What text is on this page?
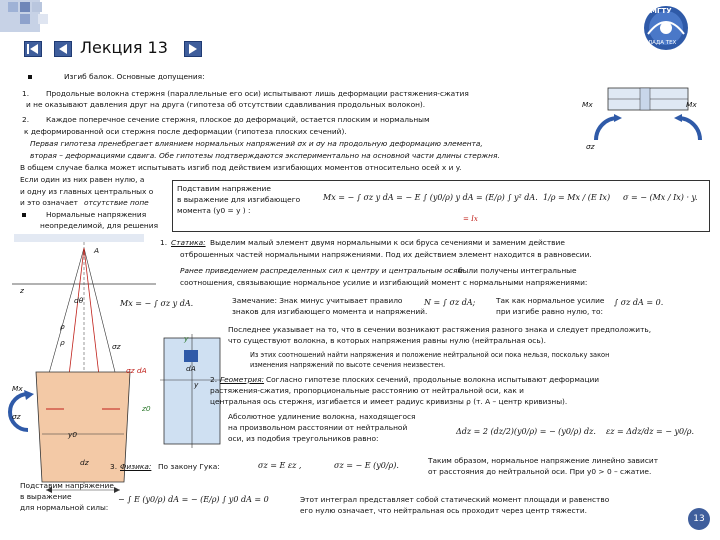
Лекция 13
МГТУ
ЛАДА ТЕХ
Изгиб балок. Основные допущения:
1. Продольные волокна стержня (параллельные его оси) испытывают лишь деформации растяжения-сжатия
и не оказывают давления друг на друга (гипотеза об отсутствии сдавливания продольных волокон).
2. Каждое поперечное сечение стержня, плоское до деформаций, остается плоским и нормальным
к деформированной оси стержня после деформации (гипотеза плоских сечений).
Первая гипотеза пренебрегает влиянием нормальных напряжений σx и σy на продольную деформацию элемента,
вторая – деформациями сдвига. Обе гипотезы подтверждаются экспериментально на основной части длины стержня.
В общем случае балка может испытывать изгиб под действием изгибающих моментов относительно осей x и y.
Если один из них равен нулю, а
и одну из главных центральных о
и это означает отсутствие попе
Нормальные напряжения
неопределимой, для решения
Подставим напряжение
в выражение для изгибающего
момента (y0 = y ) :
Mx = − ∫ σz y dA = − E ∫ (y0/ρ) y dA = (E/ρ) ∫ y² dA.
= Ix
1/ρ = Mx / (E Ix) σ = − (Mx / Ix) · y.
Mx	Mx
σz
A
z
dθ
ρ
ρ	σz
σz dA
Mx
σz
y0
dz
y
dA
y
z0
1. Статика: Выделим малый элемент двумя нормальными к оси бруса сечениями и заменим действие
отброшенных частей нормальными напряжениями. Под их действием элемент находится в равновесии.
Ранее приведением распределенных сил к центру и центральным осям
были получены интегральные
соотношения, связывающие нормальное усилие и изгибающий момент с нормальными напряжениями:
Mx = − ∫ σz y dA.	Замечание: Знак минус учитывает правило
знаков для изгибающего момента и напряжений.
N = ∫ σz dA;	Так как нормальное усилие
при изгибе равно нулю, то:
∫ σz dA = 0.
Последнее указывает на то, что в сечении возникают растяжения разного знака и следует предположить,
что существуют волокна, в которых напряжения равны нулю (нейтральная ось).
Из этих соотношений найти напряжения и положение нейтральной оси пока нельзя, поскольку закон
изменения напряжений по высоте сечения неизвестен.
2. Геометрия: Согласно гипотезе плоских сечений, продольные волокна испытывают деформации
растяжения-сжатия, пропорциональные расстоянию от нейтральной оси, как и
центральная ось стержня, изгибается и имеет радиус кривизны ρ (т. A – центр кривизны).
Абсолютное удлинение волокна, находящегося
на произвольном расстоянии от нейтральной
оси, из подобия треугольников равно:
Δdz = 2 (dz/2)(y0/ρ) = − (y0/ρ) dz. εz = Δdz/dz = − y0/ρ.
3. Физика: По закону Гука:	σz = E εz ,	σz = − E (y0/ρ).
Таким образом, нормальное напряжение линейно зависит
от расстояния до нейтральной оси. При y0 > 0 – сжатие.
Подставим напряжение
в выражение
для нормальной силы:
− ∫ E (y0/ρ) dA = − (E/ρ) ∫ y0 dA = 0	Этот интеграл представляет собой статический момент площади и равенство
его нулю означает, что нейтральная ось проходит через центр тяжести.
13
